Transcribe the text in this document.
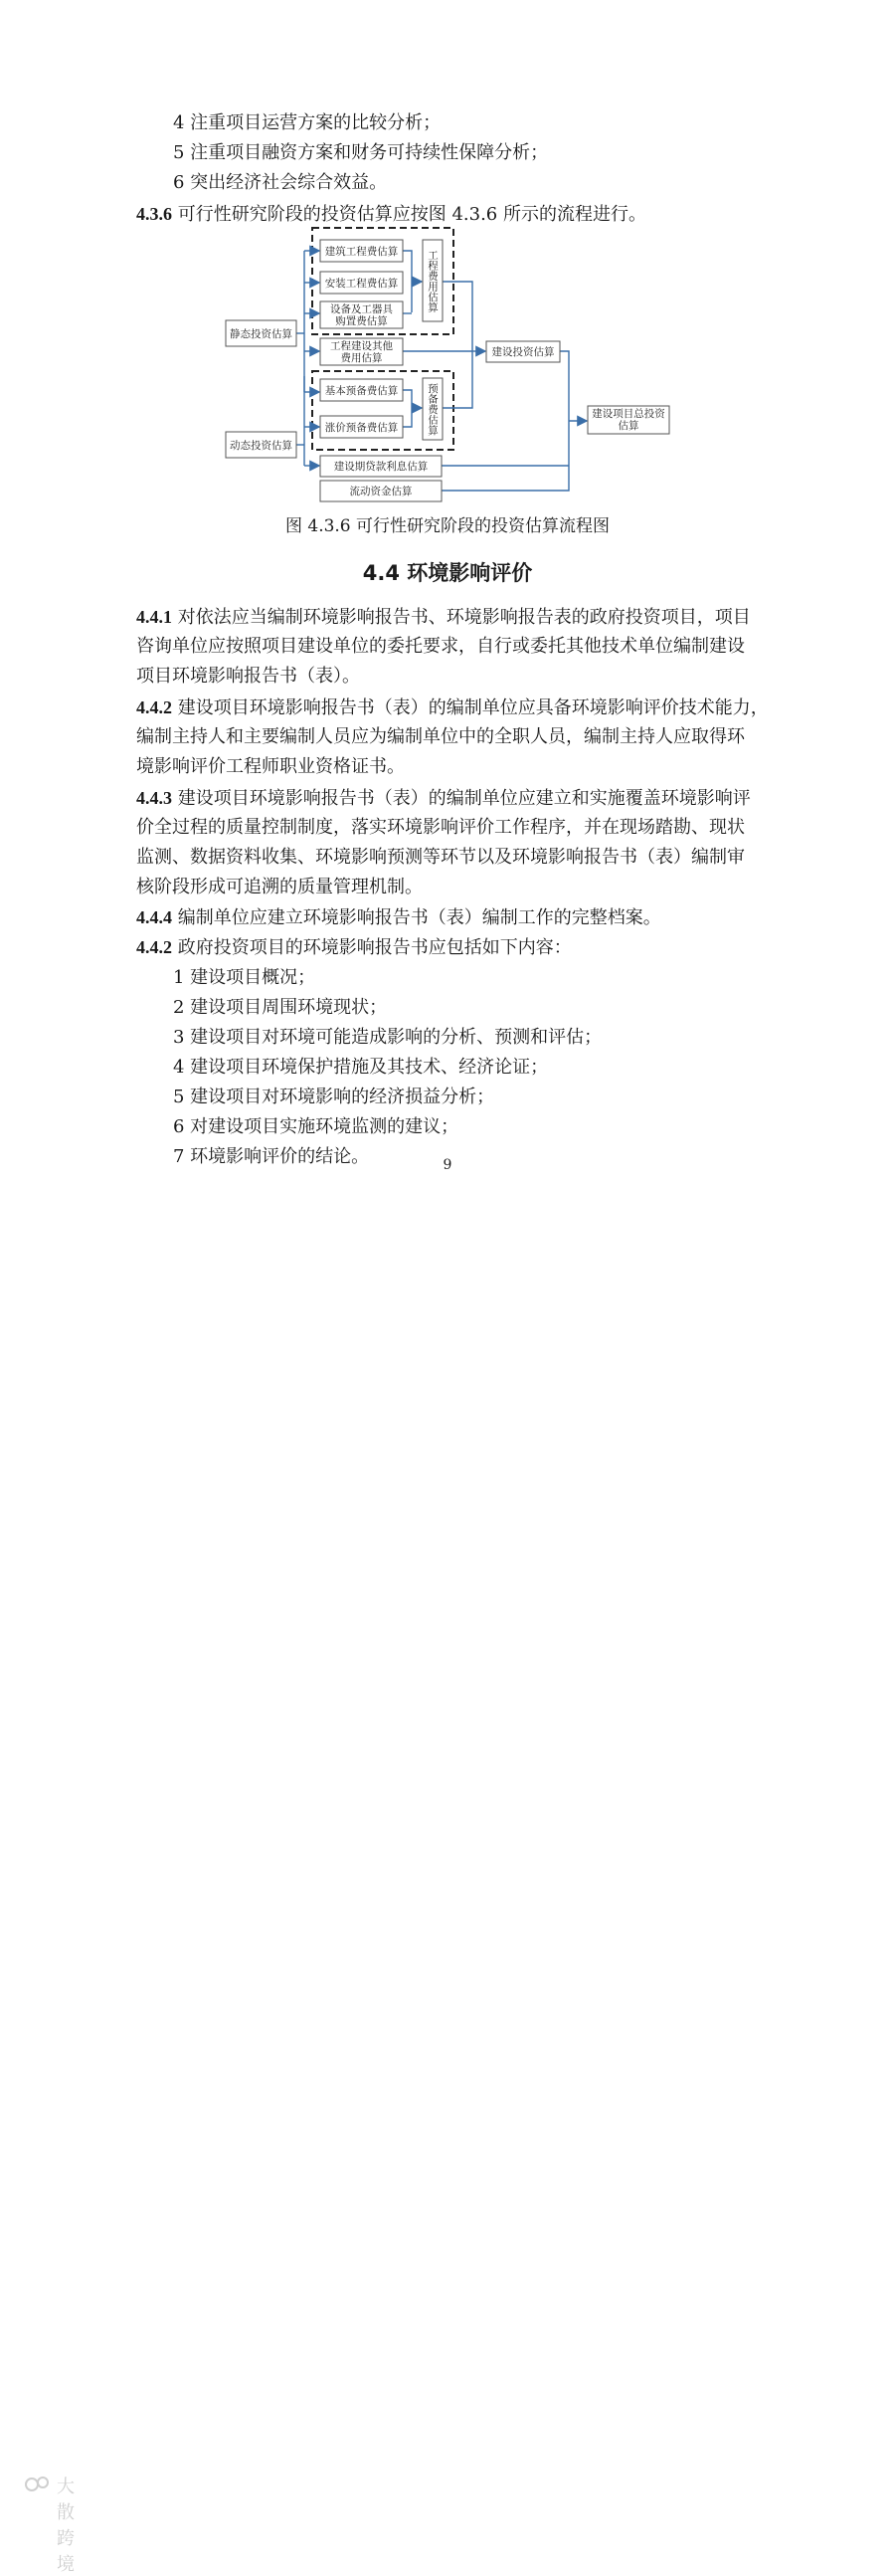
4 注重项目运营方案的比较分析；
5 注重项目融资方案和财务可持续性保障分析；
6 突出经济社会综合效益。
4.3.6 可行性研究阶段的投资估算应按图 4.3.6 所示的流程进行。
静态投资估算
动态投资估算
建筑工程费估算
安装工程费估算
设备及工器具
购置费估算
工程费用估算
工程建设其他
费用估算
基本预备费估算
涨价预备费估算	预备费估算
建设投资估算
建设项目总投资
估算
建设期贷款利息估算
流动资金估算
图 4.3.6 可行性研究阶段的投资估算流程图
4.4 环境影响评价
4.4.1 对依法应当编制环境影响报告书、环境影响报告表的政府投资项目，项目
咨询单位应按照项目建设单位的委托要求，自行或委托其他技术单位编制建设
项目环境影响报告书（表）。
4.4.2 建设项目环境影响报告书（表）的编制单位应具备环境影响评价技术能力，
编制主持人和主要编制人员应为编制单位中的全职人员，编制主持人应取得环
境影响评价工程师职业资格证书。
4.4.3 建设项目环境影响报告书（表）的编制单位应建立和实施覆盖环境影响评
价全过程的质量控制制度，落实环境影响评价工作程序，并在现场踏勘、现状
监测、数据资料收集、环境影响预测等环节以及环境影响报告书（表）编制审
核阶段形成可追溯的质量管理机制。
4.4.4 编制单位应建立环境影响报告书（表）编制工作的完整档案。
4.4.2 政府投资项目的环境影响报告书应包括如下内容：
1 建设项目概况；
2 建设项目周围环境现状；
3 建设项目对环境可能造成影响的分析、预测和评估；
4 建设项目环境保护措施及其技术、经济论证；
5 建设项目对环境影响的经济损益分析；
6 对建设项目实施环境监测的建议；
7 环境影响评价的结论。	9
大散跨境
